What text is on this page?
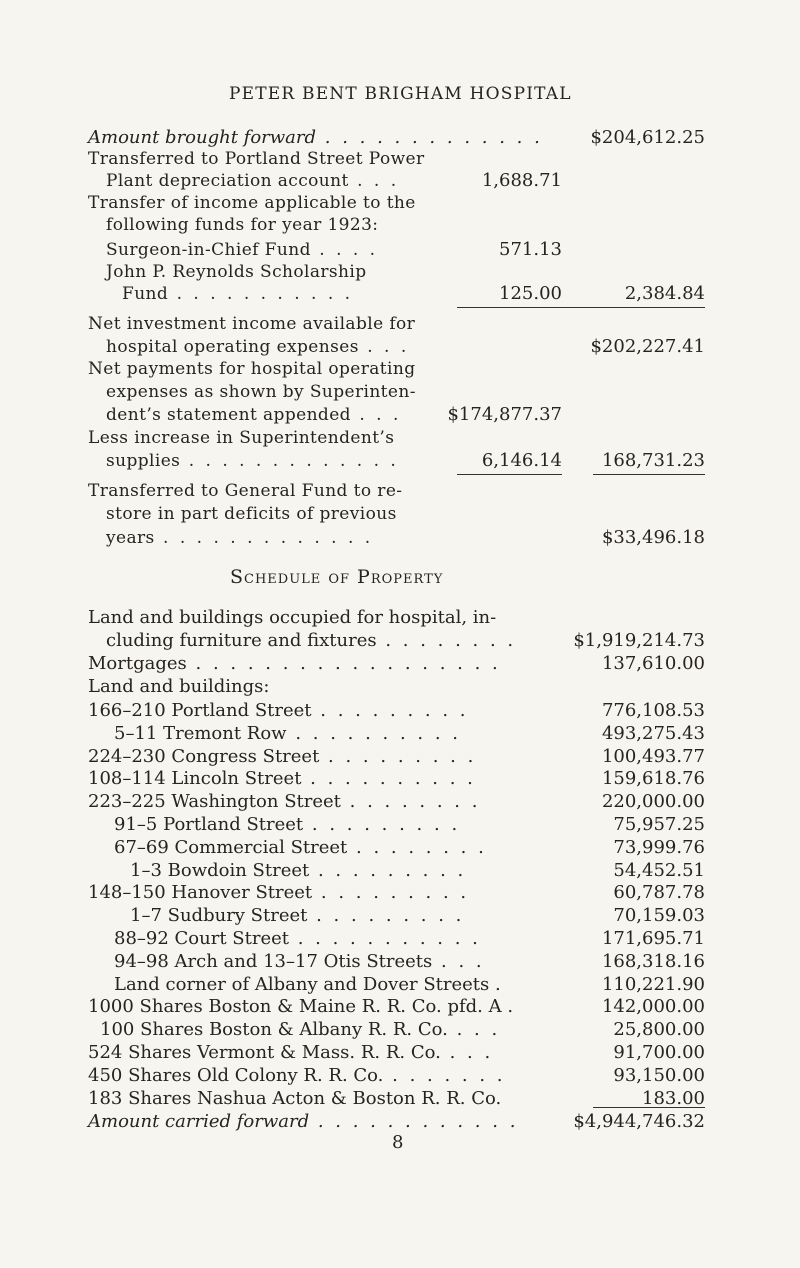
PETER BENT BRIGHAM HOSPITAL
Amount brought forward . . . . . . . . . . . . .	$204,612.25
Transferred to Portland Street Power
Plant depreciation account . . .	1,688.71
Transfer of income applicable to the
following funds for year 1923:
Surgeon-in-Chief Fund . . . .	571.13
John P. Reynolds Scholarship
Fund . . . . . . . . . . .	125.00	2,384.84
Net investment income available for
hospital operating expenses . . .	$202,227.41
Net payments for hospital operating
expenses as shown by Superinten-
dent’s statement appended . . .	$174,877.37
Less increase in Superintendent’s
supplies . . . . . . . . . . . . .	6,146.14	168,731.23
Transferred to General Fund to re-
store in part deficits of previous
years . . . . . . . . . . . . .	$33,496.18
Schedule of Property
Land and buildings occupied for hospital, in-
cluding furniture and fixtures . . . . . . . .	$1,919,214.73
Mortgages . . . . . . . . . . . . . . . . . .	137,610.00
Land and buildings:
166–210 Portland Street . . . . . . . . .	776,108.53
5–11 Tremont Row . . . . . . . . . .	493,275.43
224–230 Congress Street . . . . . . . . .	100,493.77
108–114 Lincoln Street . . . . . . . . . .	159,618.76
223–225 Washington Street . . . . . . . .	220,000.00
91–5 Portland Street . . . . . . . . .	75,957.25
67–69 Commercial Street . . . . . . . .	73,999.76
1–3 Bowdoin Street . . . . . . . . .	54,452.51
148–150 Hanover Street . . . . . . . . .	60,787.78
1–7 Sudbury Street . . . . . . . . .	70,159.03
88–92 Court Street . . . . . . . . . . .	171,695.71
94–98 Arch and 13–17 Otis Streets . . .	168,318.16
Land corner of Albany and Dover Streets .	110,221.90
1000 Shares Boston & Maine R. R. Co. pfd. A .	142,000.00
100 Shares Boston & Albany R. R. Co. . . .	25,800.00
524 Shares Vermont & Mass. R. R. Co. . . .	91,700.00
450 Shares Old Colony R. R. Co. . . . . . . .	93,150.00
183 Shares Nashua Acton & Boston R. R. Co.	183.00
Amount carried forward . . . . . . . . . . . .	$4,944,746.32
8
